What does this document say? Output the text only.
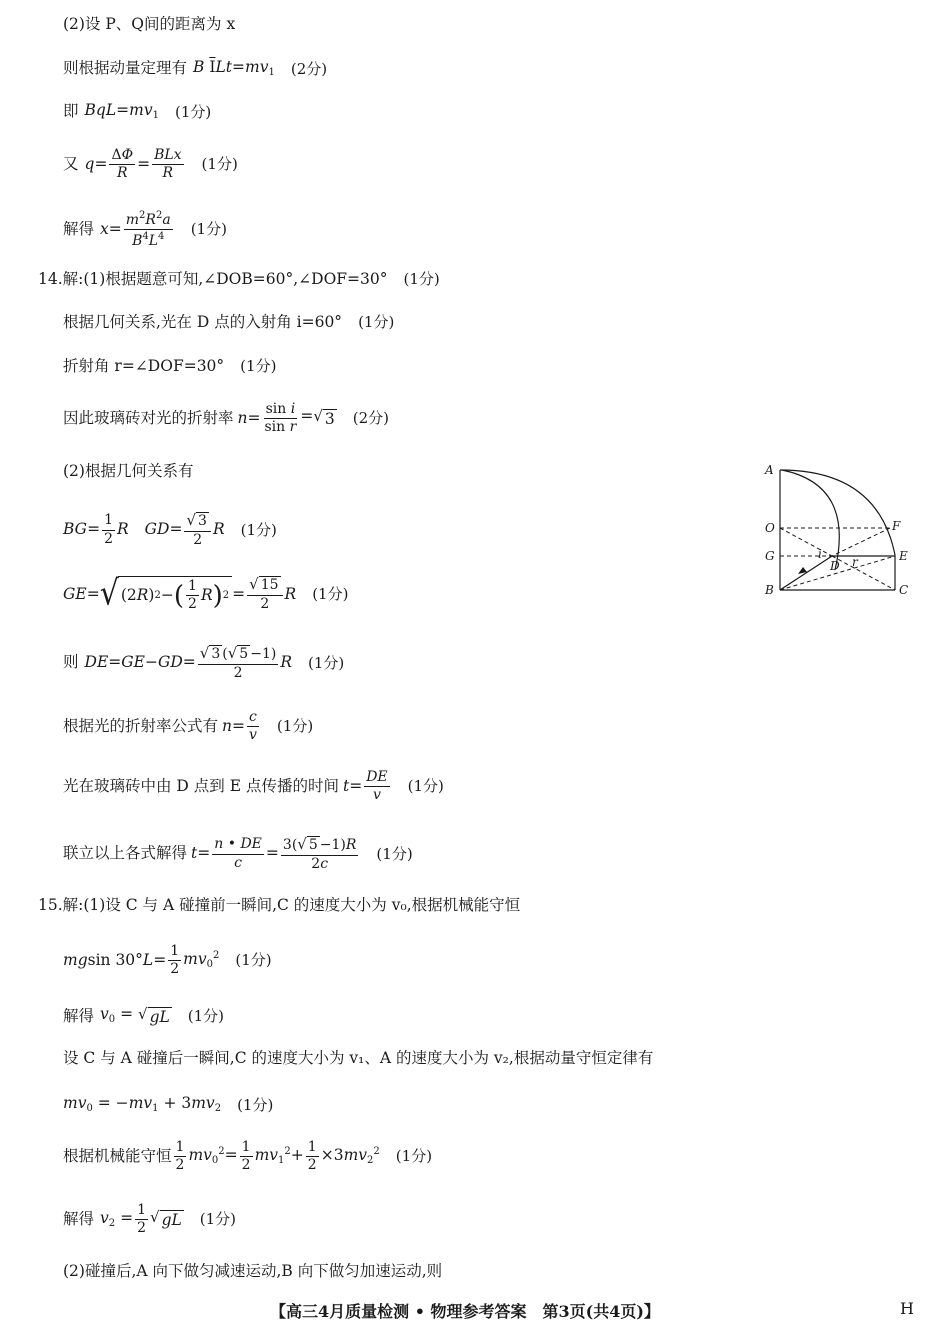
(2)设 P、Q间的距离为 x
则根据动量定理有 B $\overline{I}Lt=mv_1$ (2分)
即 $BqL=mv_1$ (1分)
又 $q= \frac{\Delta\Phi}{R} = \frac{\text{BLx}}{R} (1$分)
解得 $x= \frac{m^2R^2a}{B^4L^4} (1$分)
14.解:(1)根据题意可知,∠DOB=60°,∠DOF=30° (1分)
根据几何关系,光在 D 点的入射角 i=60° (1分)
折射角 r=∠DOF=30° (1分)
因此玻璃砖对光的折射率 $n= \frac{\text{sin i}}{\text{sin r}}$ = √ 3 (2分)
(2)根据几何关系有
$BG= \frac{1}{2}$ R $GD= \frac{√ 3}{2}$ R (1分)
GE= √ (2 R ) 2 − ( $\frac{1}{2}$ R ) $2 = \frac{√ 15}{2}$ R (1分)
则 $DE=GE-GD= \frac{√ 3 ( √ 5 -1)}{2}$ R (1分)
根据光的折射率公式有 $n= \frac{c}{v} (1$分)
光在玻璃砖中由 D 点到 E 点传播的时间 $t= \frac{DE}{v} (1$分)
联立以上各式解得 $t= \frac{n • DE}{c} = \frac{3( √ 5 -1)R}{2c} (1$分)
15.解:(1)设 C 与 A 碰撞前一瞬间,C 的速度大小为 v₀,根据机械能守恒
mgsin $30^\circ L= \frac{1}{2} mv_0^2$ (1分)
解得 $v_0$ = √ gL (1分)
设 C 与 A 碰撞后一瞬间,C 的速度大小为 v₁、A 的速度大小为 v₂,根据动量守恒定律有
$mv_0 = -mv_1 + 3mv_2$ (1分)
根据机械能守恒 $\frac{1}{2} mv_0^2= \frac{1}{2} mv_1^2+ \frac{1}{2} \times 3mv_2^2$ (1分)
解得 $v_2 = \frac{1}{2}$ √ gL (1分)
(2)碰撞后,A 向下做匀减速运动,B 向下做匀加速运动,则
A
O	F
G	E
B	C
D
i
r
【高三4月质量检测 • 物理参考答案　第3页(共4页)】	H
